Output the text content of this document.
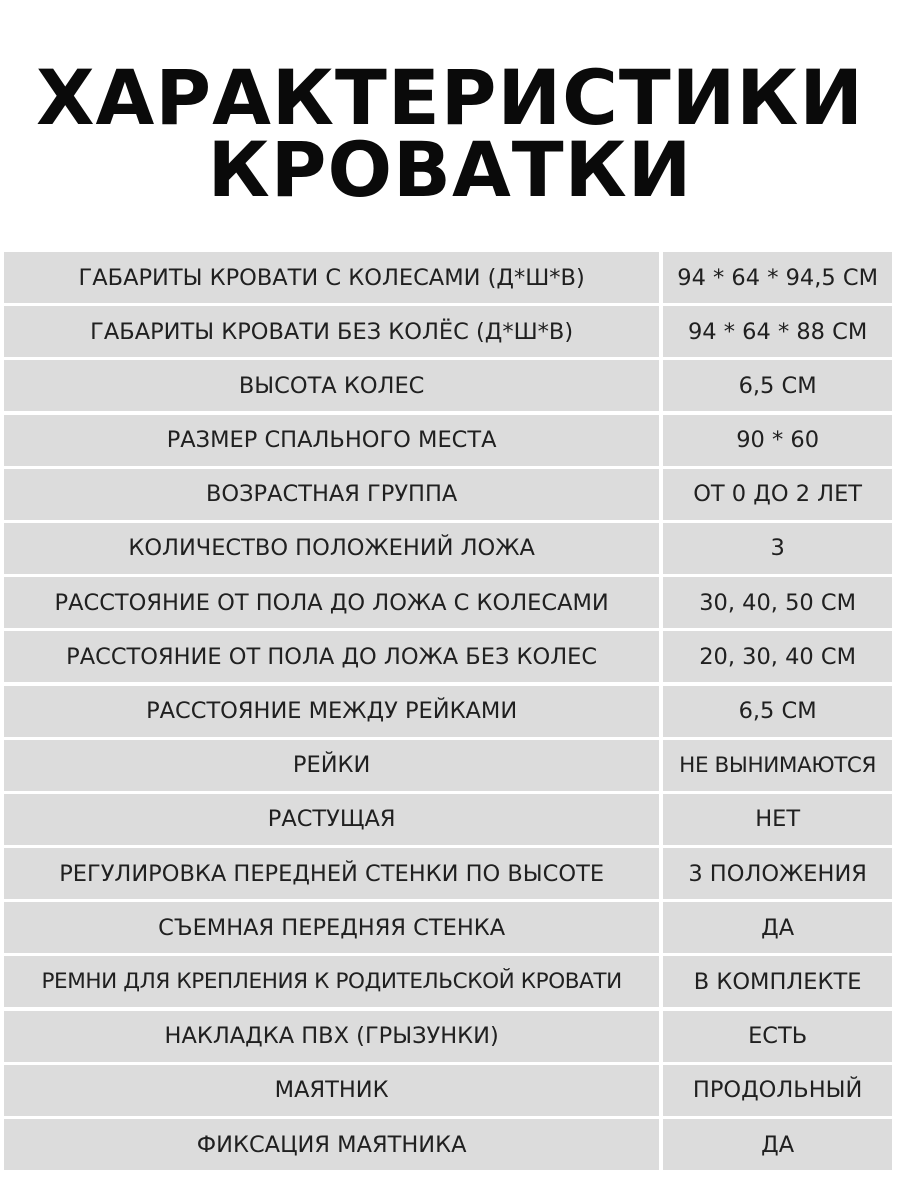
ХАРАКТЕРИСТИКИ
КРОВАТКИ
ГАБАРИТЫ КРОВАТИ С КОЛЕСАМИ (Д*Ш*В)	94 * 64 * 94,5 СМ
ГАБАРИТЫ КРОВАТИ БЕЗ КОЛЁС (Д*Ш*В)	94 * 64 * 88 СМ
ВЫСОТА КОЛЕС	6,5 СМ
РАЗМЕР СПАЛЬНОГО МЕСТА	90 * 60
ВОЗРАСТНАЯ ГРУППА	ОТ 0 ДО 2 ЛЕТ
КОЛИЧЕСТВО ПОЛОЖЕНИЙ ЛОЖА	3
РАССТОЯНИЕ ОТ ПОЛА ДО ЛОЖА С КОЛЕСАМИ	30, 40, 50 СМ
РАССТОЯНИЕ ОТ ПОЛА ДО ЛОЖА БЕЗ КОЛЕС	20, 30, 40 СМ
РАССТОЯНИЕ МЕЖДУ РЕЙКАМИ	6,5 СМ
РЕЙКИ	НЕ ВЫНИМАЮТСЯ
РАСТУЩАЯ	НЕТ
РЕГУЛИРОВКА ПЕРЕДНЕЙ СТЕНКИ ПО ВЫСОТЕ	3 ПОЛОЖЕНИЯ
СЪЕМНАЯ ПЕРЕДНЯЯ СТЕНКА	ДА
РЕМНИ ДЛЯ КРЕПЛЕНИЯ К РОДИТЕЛЬСКОЙ КРОВАТИ	В КОМПЛЕКТЕ
НАКЛАДКА ПВХ (ГРЫЗУНКИ)	ЕСТЬ
МАЯТНИК	ПРОДОЛЬНЫЙ
ФИКСАЦИЯ МАЯТНИКА	ДА
